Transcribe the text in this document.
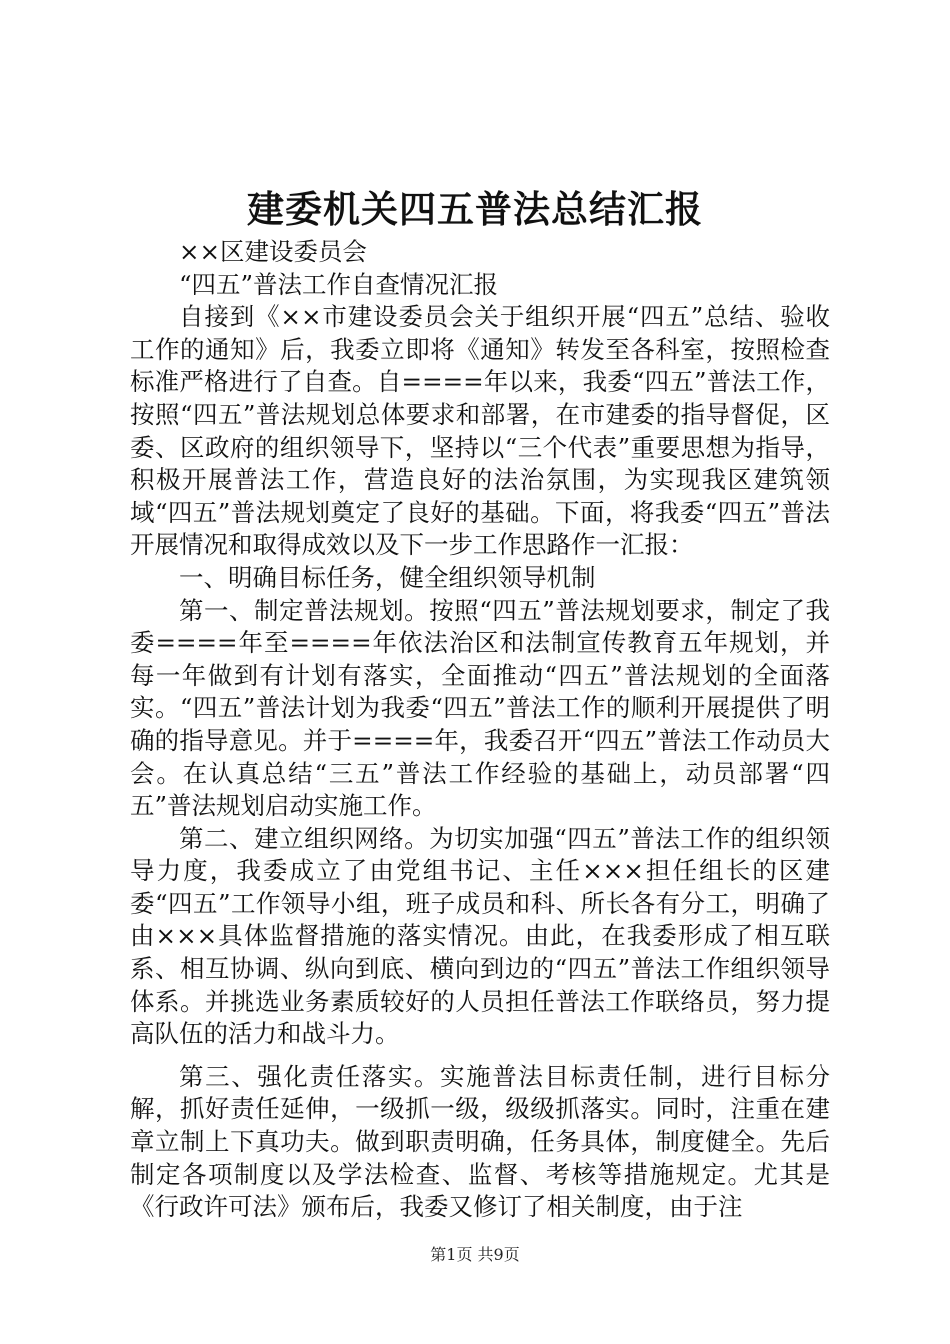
建委机关四五普法总结汇报

××区建设委员会

“四五”普法工作自查情况汇报

自接到《××市建设委员会关于组织开展“四五”总结、验收工作的通知》后，我委立即将《通知》转发至各科室，按照检查标准严格进行了自查。自====年以来，我委“四五”普法工作，按照“四五”普法规划总体要求和部署，在市建委的指导督促，区委、区政府的组织领导下，坚持以“三个代表”重要思想为指导，积极开展普法工作，营造良好的法治氛围，为实现我区建筑领域“四五”普法规划奠定了良好的基础。下面，将我委“四五”普法开展情况和取得成效以及下一步工作思路作一汇报：

一、明确目标任务，健全组织领导机制

第一、制定普法规划。按照“四五”普法规划要求，制定了我委====年至====年依法治区和法制宣传教育五年规划，并每一年做到有计划有落实，全面推动“四五”普法规划的全面落实。“四五”普法计划为我委“四五”普法工作的顺利开展提供了明确的指导意见。并于====年，我委召开“四五”普法工作动员大会。在认真总结“三五”普法工作经验的基础上，动员部署“四五”普法规划启动实施工作。

第二、建立组织网络。为切实加强“四五”普法工作的组织领导力度，我委成立了由党组书记、主任×××担任组长的区建委“四五”工作领导小组，班子成员和科、所长各有分工，明确了由×××具体监督措施的落实情况。由此，在我委形成了相互联系、相互协调、纵向到底、横向到边的“四五”普法工作组织领导体系。并挑选业务素质较好的人员担任普法工作联络员，努力提高队伍的活力和战斗力。

第三、强化责任落实。实施普法目标责任制，进行目标分解，抓好责任延伸，一级抓一级，级级抓落实。同时，注重在建章立制上下真功夫。做到职责明确，任务具体，制度健全。先后制定各项制度以及学法检查、监督、考核等措施规定。尤其是《行政许可法》颁布后，我委又修订了相关制度，由于注

第1页 共9页
